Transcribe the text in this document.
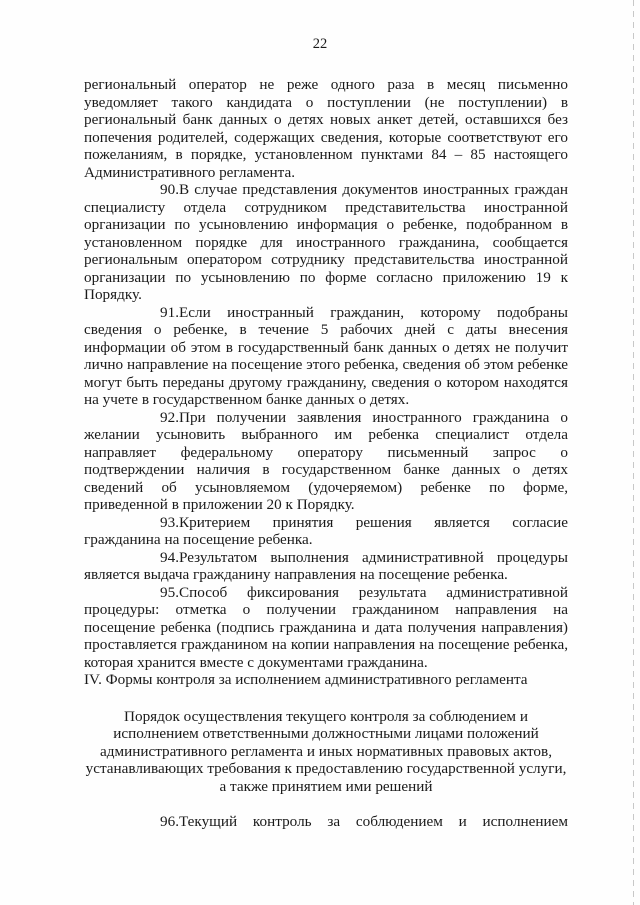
22

региональный оператор не реже одного раза в месяц письменно уведомляет такого кандидата о поступлении (не поступлении) в региональный банк данных о детях новых анкет детей, оставшихся без попечения родителей, содержащих сведения, которые соответствуют его пожеланиям, в порядке, установленном пунктами 84 – 85 настоящего Административного регламента.

90.В случае представления документов иностранных граждан специалисту отдела сотрудником представительства иностранной организации по усыновлению информация о ребенке, подобранном в установленном порядке для иностранного гражданина, сообщается региональным оператором сотруднику представительства иностранной организации по усыновлению по форме согласно приложению 19 к Порядку.

91.Если иностранный гражданин, которому подобраны сведения о ребенке, в течение 5 рабочих дней с даты внесения информации об этом в государственный банк данных о детях не получит лично направление на посещение этого ребенка, сведения об этом ребенке могут быть переданы другому гражданину, сведения о котором находятся на учете в государственном банке данных о детях.

92.При получении заявления иностранного гражданина о желании усыновить выбранного им ребенка специалист отдела направляет федеральному оператору письменный запрос о подтверждении наличия в государственном банке данных о детях сведений об усыновляемом (удочеряемом) ребенке по форме, приведенной в приложении 20 к Порядку.

93.Критерием принятия решения является согласие гражданина на посещение ребенка.

94.Результатом выполнения административной процедуры является выдача гражданину направления на посещение ребенка.

95.Способ фиксирования результата административной процедуры: отметка о получении гражданином направления на посещение ребенка (подпись гражданина и дата получения направления) проставляется гражданином на копии направления на посещение ребенка, которая хранится вместе с документами гражданина.

IV. Формы контроля за исполнением административного регламента

Порядок осуществления текущего контроля за соблюдением и
исполнением ответственными должностными лицами положений
административного регламента и иных нормативных правовых актов,
устанавливающих требования к предоставлению государственной услуги,
а также принятием ими решений

96.Текущий контроль за соблюдением и исполнением
